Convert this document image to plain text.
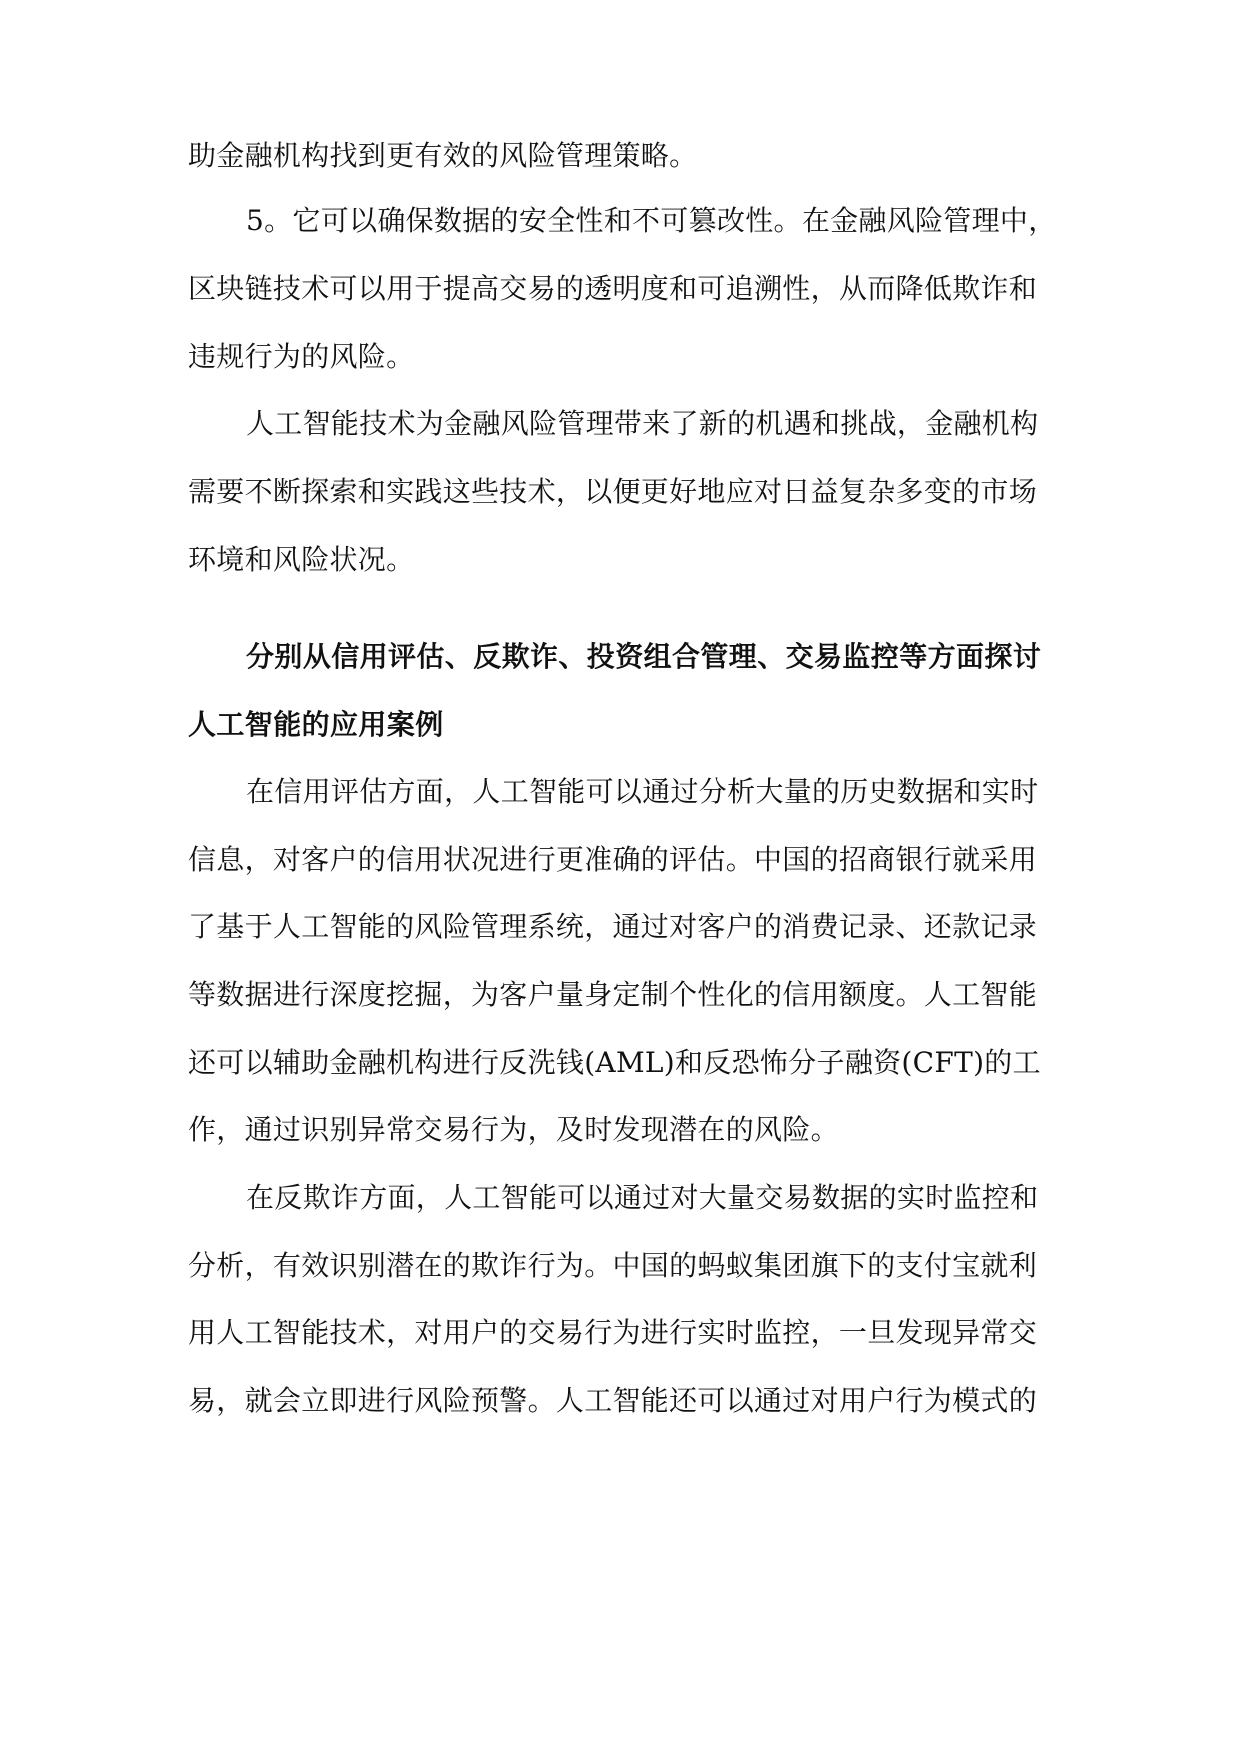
助金融机构找到更有效的风险管理策略。
5。它可以确保数据的安全性和不可篡改性。在金融风险管理中，
区块链技术可以用于提高交易的透明度和可追溯性，从而降低欺诈和
违规行为的风险。
人工智能技术为金融风险管理带来了新的机遇和挑战，金融机构
需要不断探索和实践这些技术，以便更好地应对日益复杂多变的市场
环境和风险状况。
分别从信用评估、反欺诈、投资组合管理、交易监控等方面探讨
人工智能的应用案例
在信用评估方面，人工智能可以通过分析大量的历史数据和实时
信息，对客户的信用状况进行更准确的评估。中国的招商银行就采用
了基于人工智能的风险管理系统，通过对客户的消费记录、还款记录
等数据进行深度挖掘，为客户量身定制个性化的信用额度。人工智能
还可以辅助金融机构进行反洗钱(AML)和反恐怖分子融资(CFT)的工
作，通过识别异常交易行为，及时发现潜在的风险。
在反欺诈方面，人工智能可以通过对大量交易数据的实时监控和
分析，有效识别潜在的欺诈行为。中国的蚂蚁集团旗下的支付宝就利
用人工智能技术，对用户的交易行为进行实时监控，一旦发现异常交
易，就会立即进行风险预警。人工智能还可以通过对用户行为模式的
